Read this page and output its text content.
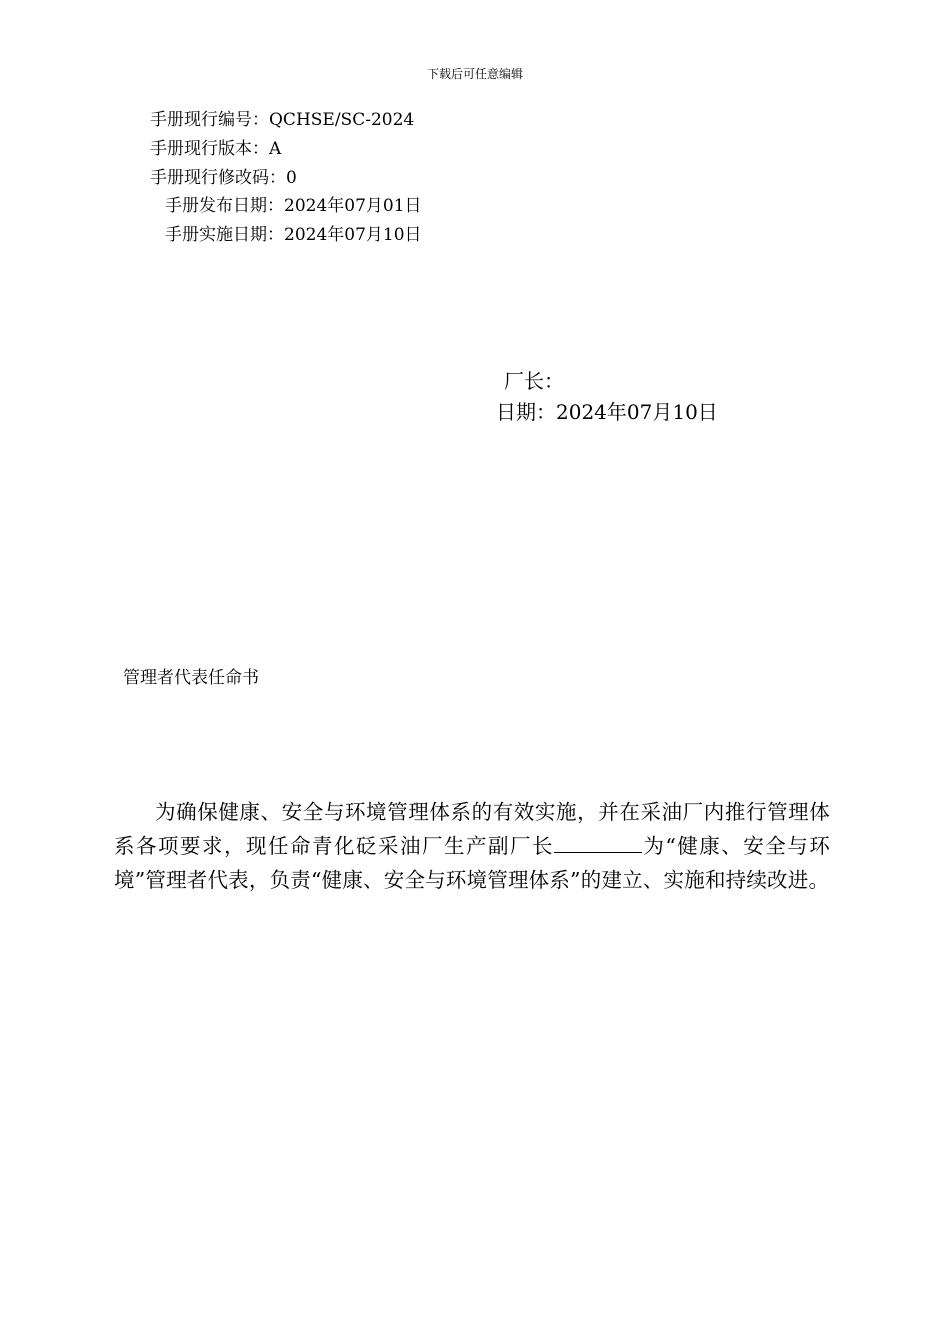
下载后可任意编辑
手册现行编号：QCHSE/SC-2024
手册现行版本：A
手册现行修改码：0
手册发布日期：2024年07月01日
手册实施日期：2024年07月10日
厂长：
日期：2024年07月10日
管理者代表任命书
为确保健康、安全与环境管理体系的有效实施，并在采油厂内推行管理体系各项要求，现任命青化砭采油厂生产副厂长	为“健康、安全与环境”管理者代表，负责“健康、安全与环境管理体系”的建立、实施和持续改进。
